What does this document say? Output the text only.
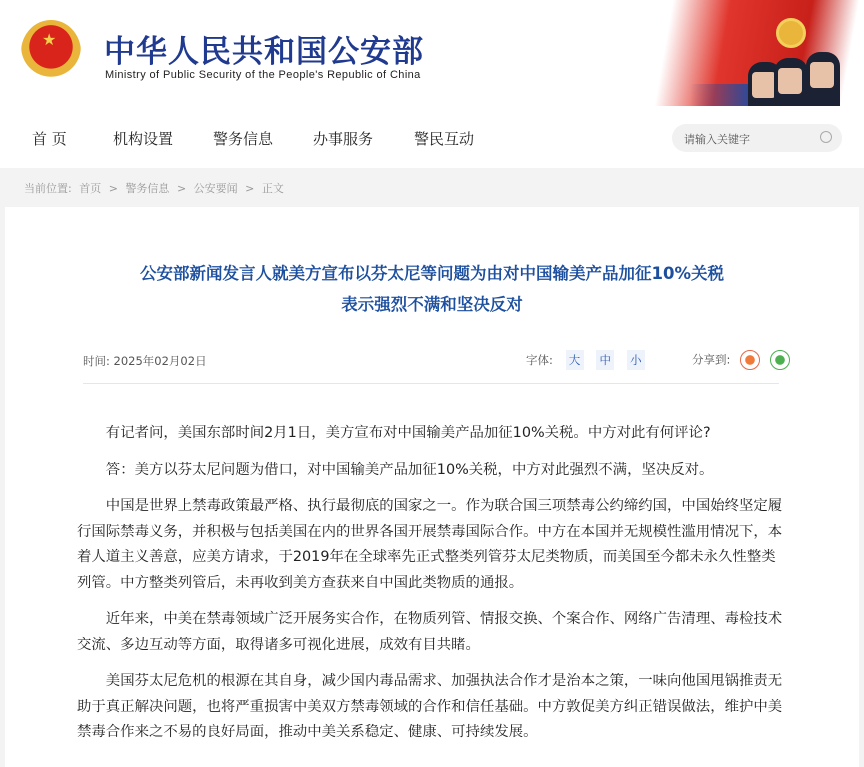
★
中华人民共和国公安部
Ministry of Public Security of the People's Republic of China
首 页	机构设置	警务信息	办事服务	警民互动	请输入关键字
当前位置: 首页 > 警务信息 > 公安要闻 > 正文
公安部新闻发言人就美方宣布以芬太尼等问题为由对中国输美产品加征10%关税
表示强烈不满和坚决反对
时间: 2025年02月02日	字体: 大 中 小	分享到:

有记者问，美国东部时间2月1日，美方宣布对中国输美产品加征10%关税。中方对此有何评论?

答：美方以芬太尼问题为借口，对中国输美产品加征10%关税，中方对此强烈不满，坚决反对。

中国是世界上禁毒政策最严格、执行最彻底的国家之一。作为联合国三项禁毒公约缔约国，中国始终坚定履行国际禁毒义务，并积极与包括美国在内的世界各国开展禁毒国际合作。中方在本国并无规模性滥用情况下，本着人道主义善意，应美方请求，于2019年在全球率先正式整类列管芬太尼类物质，而美国至今都未永久性整类列管。中方整类列管后，未再收到美方查获来自中国此类物质的通报。

近年来，中美在禁毒领域广泛开展务实合作，在物质列管、情报交换、个案合作、网络广告清理、毒检技术交流、多边互动等方面，取得诸多可视化进展，成效有目共睹。

美国芬太尼危机的根源在其自身，减少国内毒品需求、加强执法合作才是治本之策，一味向他国甩锅推责无助于真正解决问题，也将严重损害中美双方禁毒领域的合作和信任基础。中方敦促美方纠正错误做法，维护中美禁毒合作来之不易的良好局面，推动中美关系稳定、健康、可持续发展。
